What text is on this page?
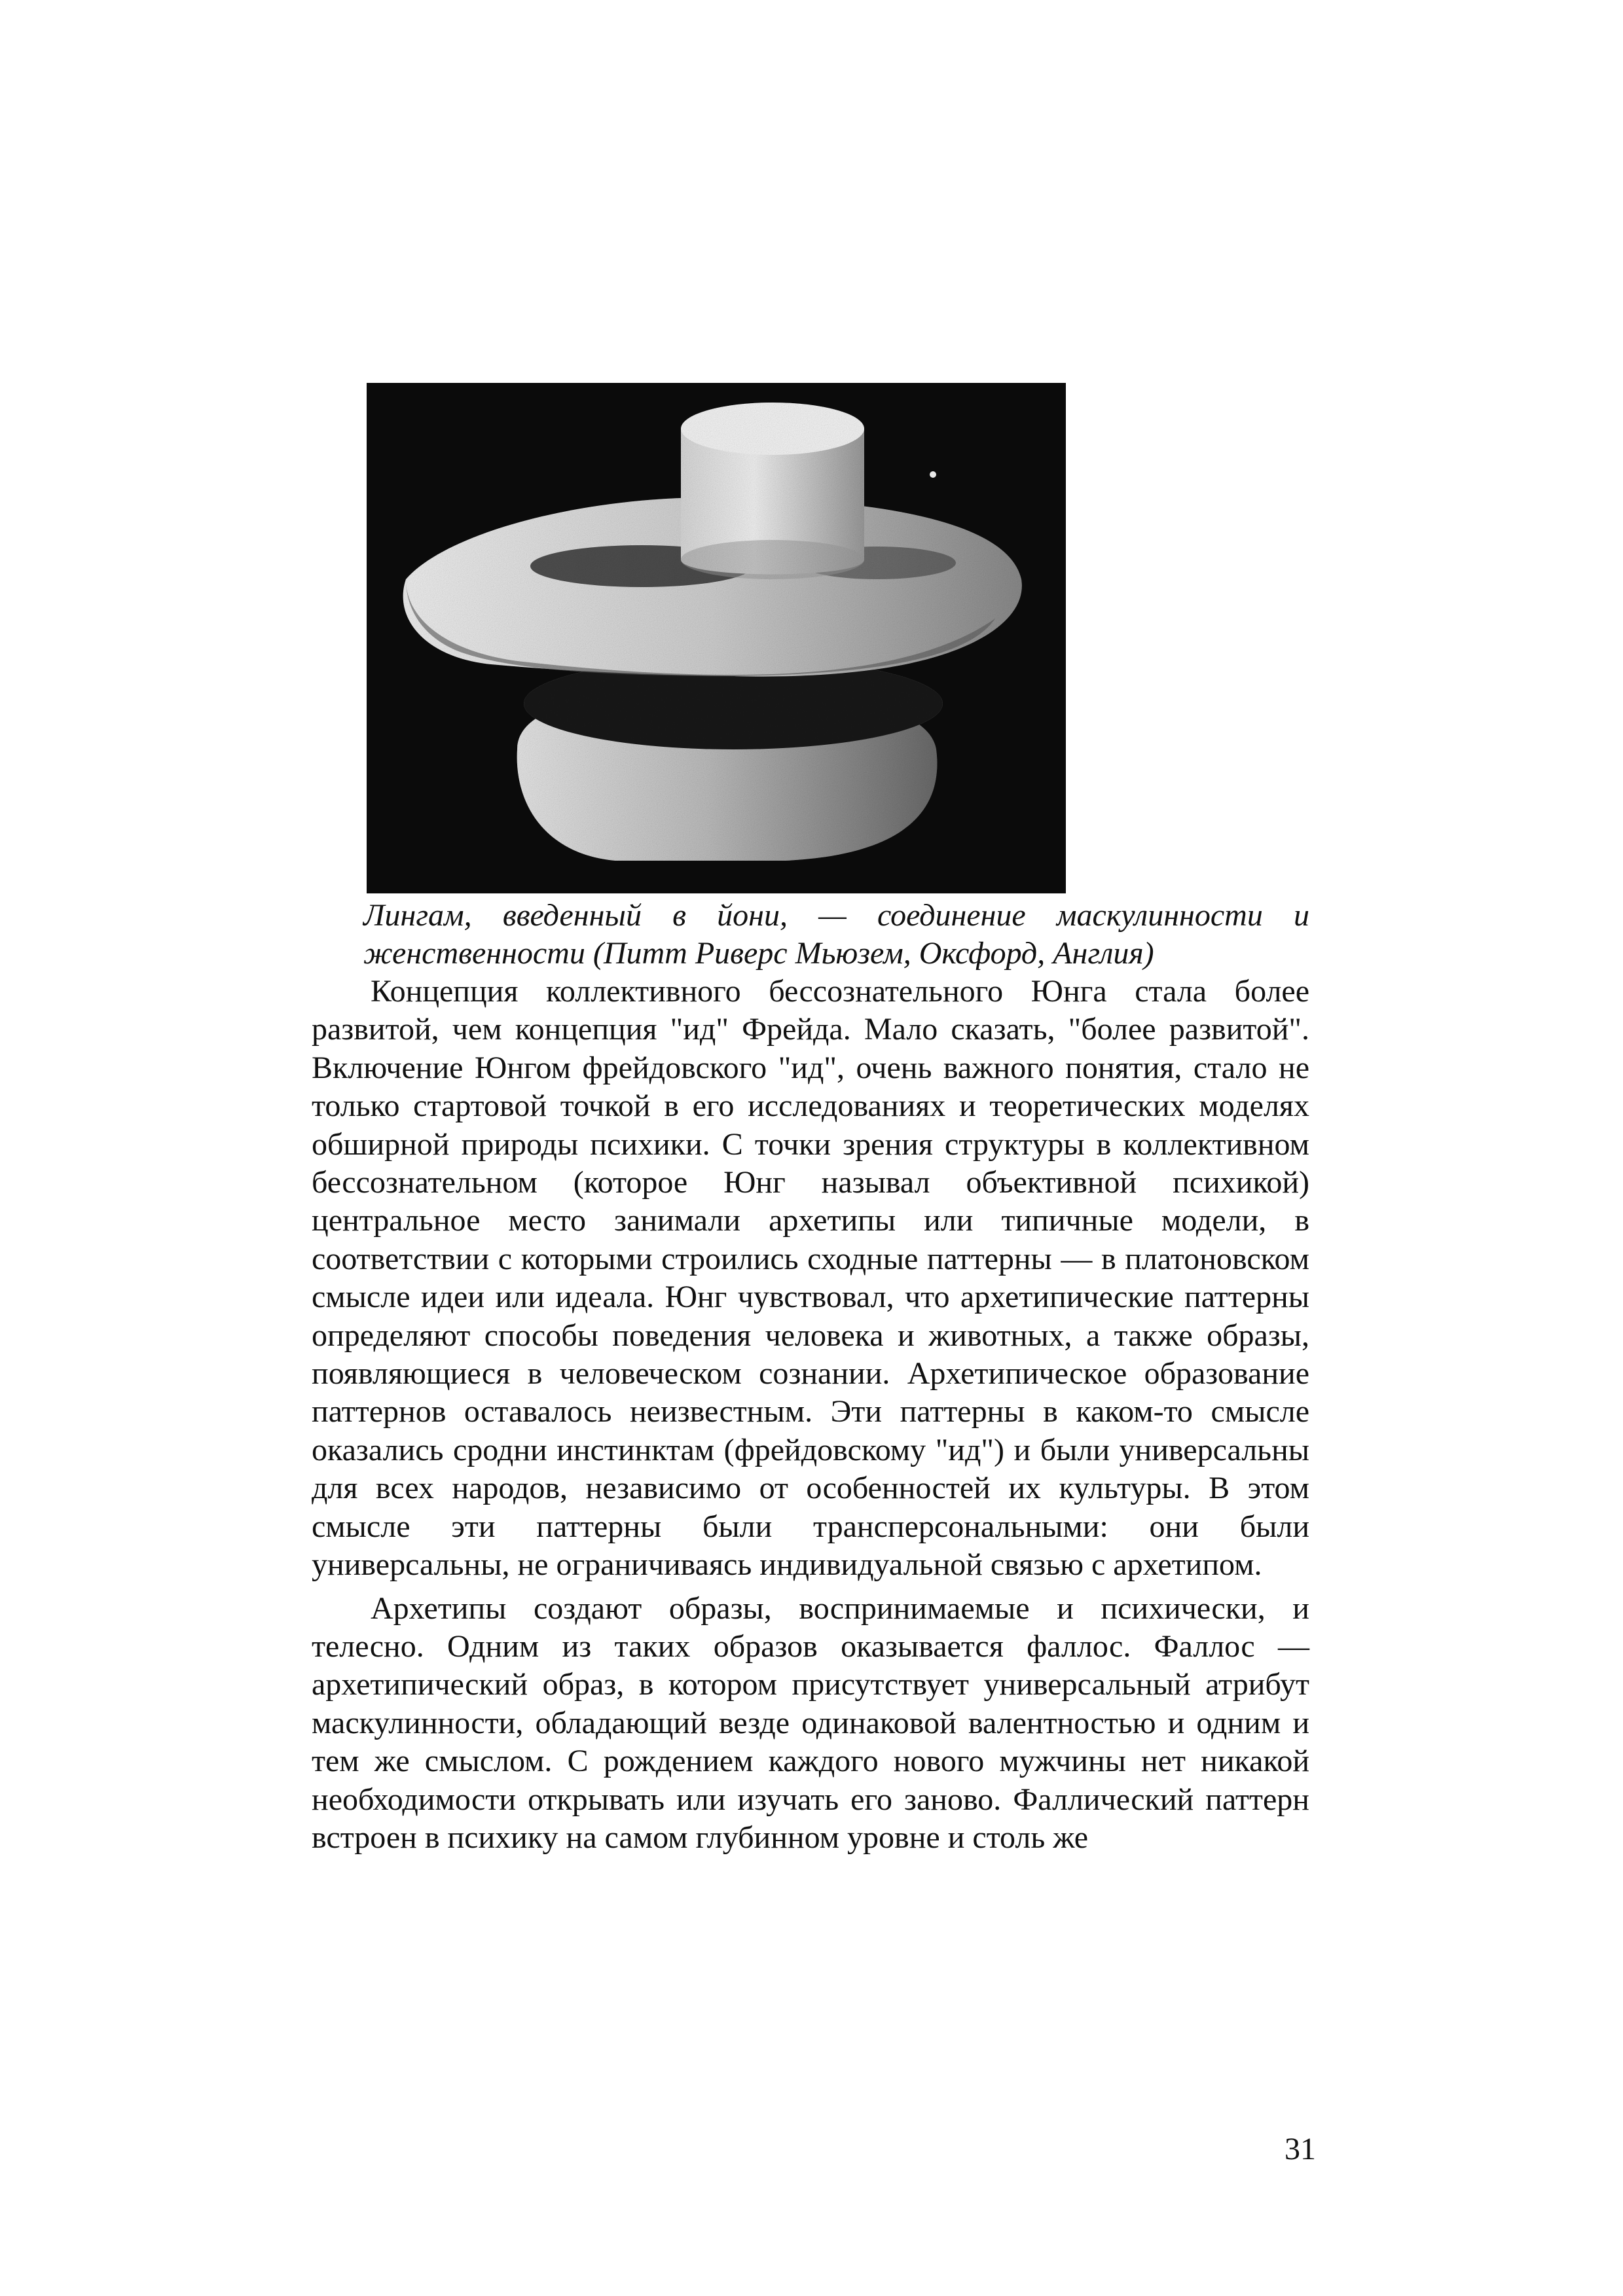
Лингам, введенный в йони, — соединение маскулинности и женственности (Питт Риверс Мьюзем, Оксфорд, Англия)

Концепция коллективного бессознательного Юнга стала более развитой, чем концепция "ид" Фрейда. Мало сказать, "более развитой". Включение Юнгом фрейдовского "ид", очень важного понятия, стало не только стартовой точкой в его исследованиях и теоретических моделях обширной природы психики. С точки зрения структуры в коллективном бессознательном (которое Юнг называл объективной психикой) центральное место занимали архетипы или типичные модели, в соответствии с которыми строились сходные паттерны — в платоновском смысле идеи или идеала. Юнг чувствовал, что архетипические паттерны определяют способы поведения человека и животных, а также образы, появляющиеся в человеческом сознании. Архетипическое образование паттернов оставалось неизвестным. Эти паттерны в каком-то смысле оказались сродни инстинктам (фрейдовскому "ид") и были универсальны для всех народов, независимо от особенностей их культуры. В этом смысле эти паттерны были трансперсональными: они были универсальны, не ограничиваясь индивидуальной связью с архетипом.

Архетипы создают образы, воспринимаемые и психически, и телесно. Одним из таких образов оказывается фаллос. Фаллос — архетипический образ, в котором присутствует универсальный атрибут маскулинности, обладающий везде одинаковой валентностью и одним и тем же смыслом. С рождением каждого нового мужчины нет никакой необходимости открывать или изучать его заново. Фаллический паттерн встроен в психику на самом глубинном уровне и столь же

31
